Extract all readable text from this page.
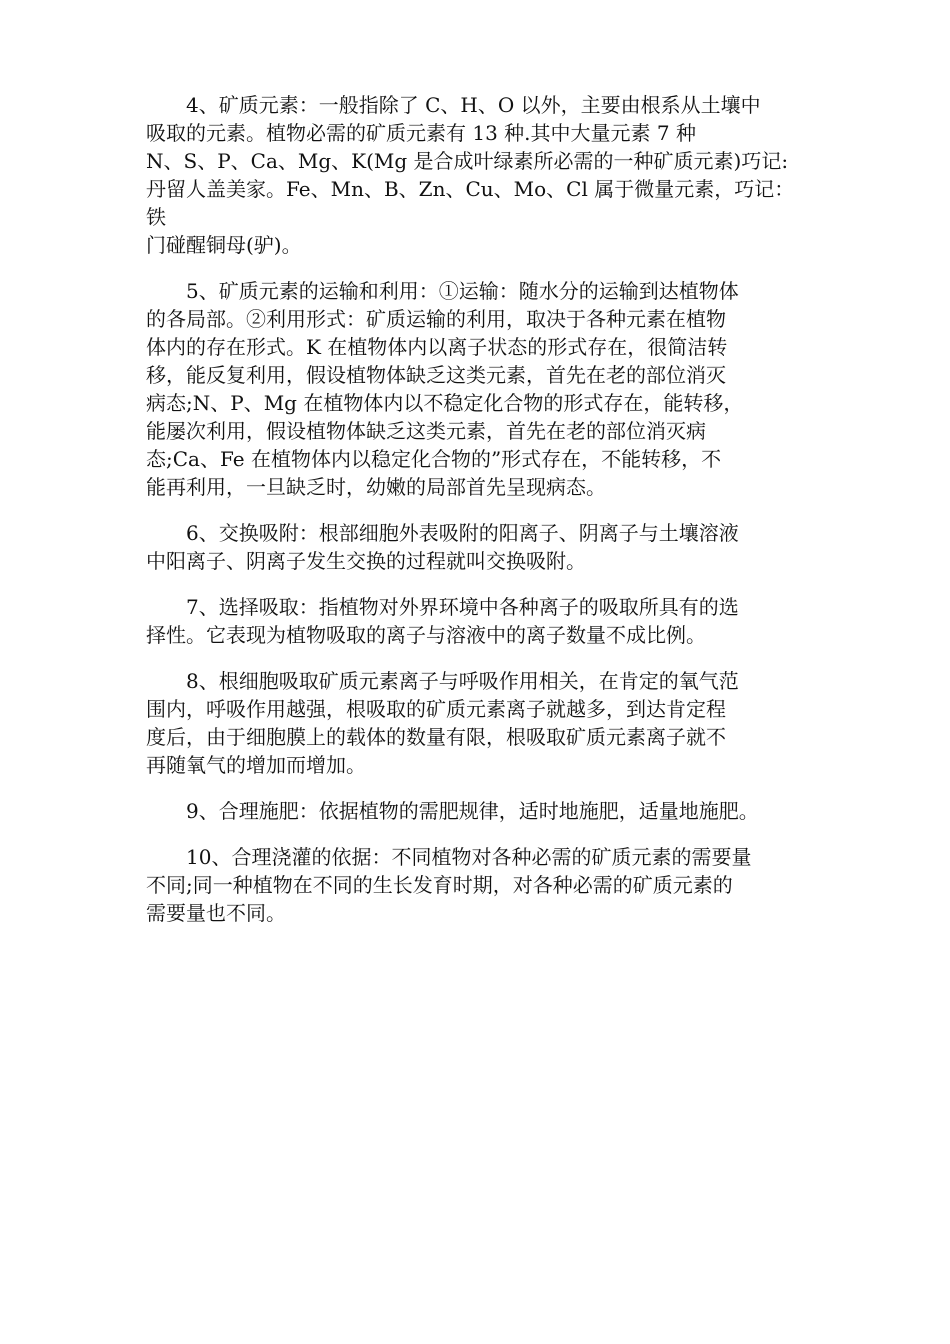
　　4、矿质元素：一般指除了 C、H、O 以外，主要由根系从土壤中
吸取的元素。植物必需的矿质元素有 13 种.其中大量元素 7 种
N、S、P、Ca、Mg、K(Mg 是合成叶绿素所必需的一种矿质元素)巧记:
丹留人盖美家。Fe、Mn、B、Zn、Cu、Mo、Cl 属于微量元素，巧记：
铁
门碰醒铜母(驴)。
　　5、矿质元素的运输和利用：①运输：随水分的运输到达植物体
的各局部。②利用形式：矿质运输的利用，取决于各种元素在植物
体内的存在形式。K 在植物体内以离子状态的形式存在，很简洁转
移，能反复利用，假设植物体缺乏这类元素，首先在老的部位消灭
病态;N、P、Mg 在植物体内以不稳定化合物的形式存在，能转移，
能屡次利用，假设植物体缺乏这类元素，首先在老的部位消灭病
态;Ca、Fe 在植物体内以稳定化合物的”形式存在，不能转移，不
能再利用，一旦缺乏时，幼嫩的局部首先呈现病态。
　　6、交换吸附：根部细胞外表吸附的阳离子、阴离子与土壤溶液
中阳离子、阴离子发生交换的过程就叫交换吸附。
　　7、选择吸取：指植物对外界环境中各种离子的吸取所具有的选
择性。它表现为植物吸取的离子与溶液中的离子数量不成比例。
　　8、根细胞吸取矿质元素离子与呼吸作用相关，在肯定的氧气范
围内，呼吸作用越强，根吸取的矿质元素离子就越多，到达肯定程
度后，由于细胞膜上的载体的数量有限，根吸取矿质元素离子就不
再随氧气的增加而增加。
　　9、合理施肥：依据植物的需肥规律，适时地施肥，适量地施肥。
　　10、合理浇灌的依据：不同植物对各种必需的矿质元素的需要量
不同;同一种植物在不同的生长发育时期，对各种必需的矿质元素的
需要量也不同。
